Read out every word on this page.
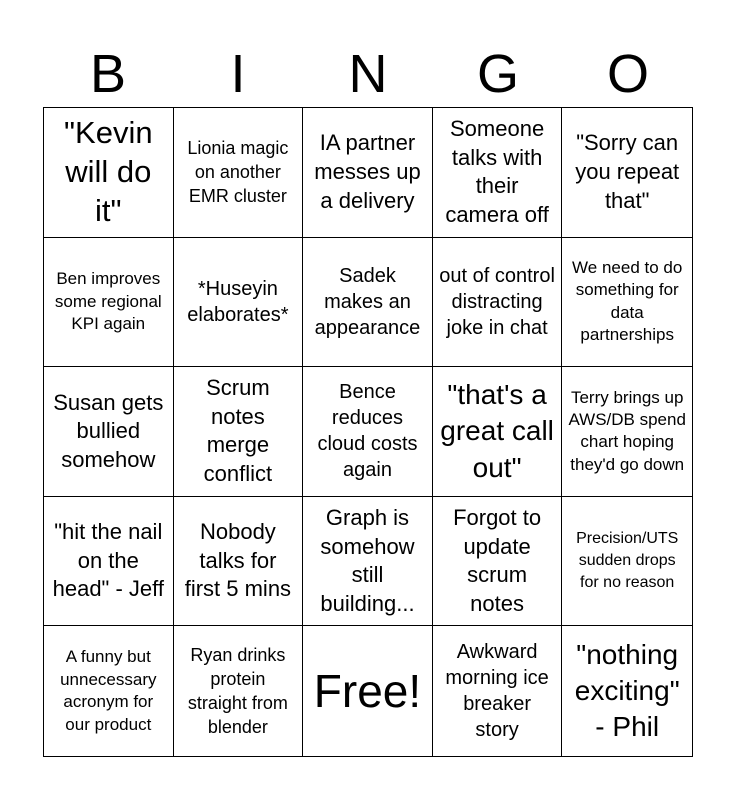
B	I	N	G	O
"Kevin will do it"
Lionia magic on another EMR cluster
IA partner messes up a delivery
Someone talks with their camera off
"Sorry can you repeat that"
Ben improves some regional KPI again
*Huseyin elaborates*
Sadek makes an appearance
out of control distracting joke in chat
We need to do something for data partnerships
Susan gets bullied somehow
Scrum notes merge conflict
Bence reduces cloud costs again
"that's a great call out"
Terry brings up AWS/DB spend chart hoping they'd go down
"hit the nail on the head" - Jeff
Nobody talks for first 5 mins
Graph is somehow still building...
Forgot to update scrum notes
Precision/UTS sudden drops for no reason
A funny but unnecessary acronym for our product
Ryan drinks protein straight from blender
Free!
Awkward morning ice breaker story
"nothing exciting" - Phil
